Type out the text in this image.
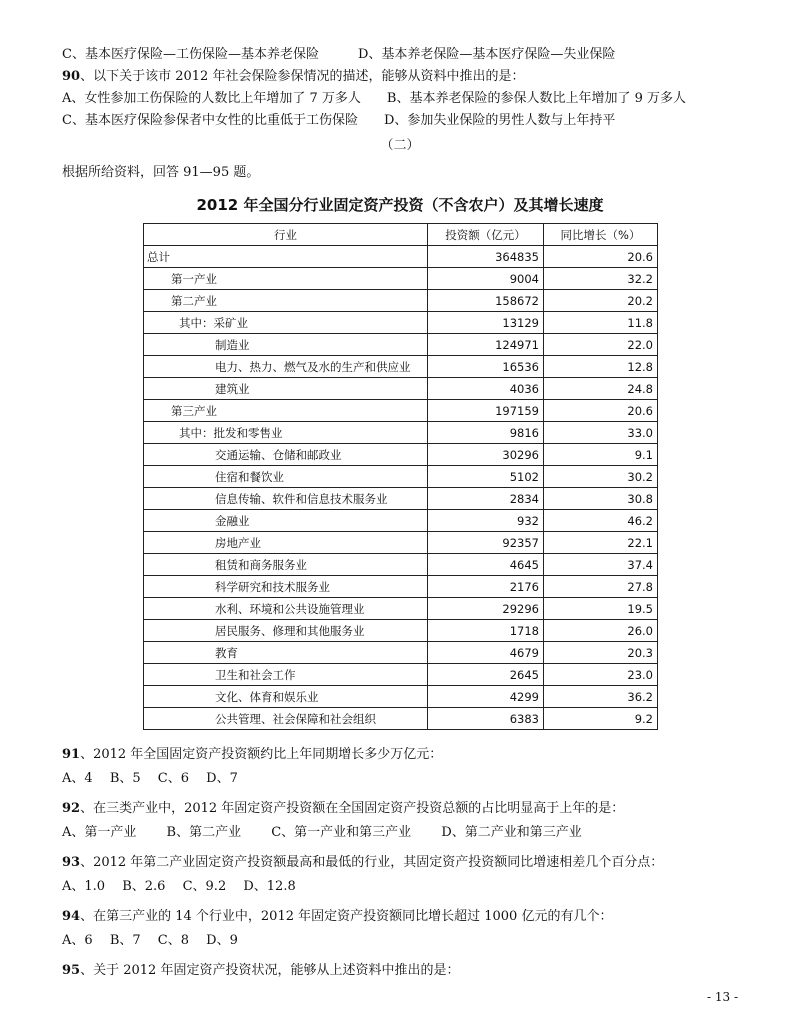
C、基本医疗保险—工伤保险—基本养老保险　　　D、基本养老保险—基本医疗保险—失业保险
90、以下关于该市 2012 年社会保险参保情况的描述，能够从资料中推出的是：
A、女性参加工伤保险的人数比上年增加了 7 万多人　　B、基本养老保险的参保人数比上年增加了 9 万多人
C、基本医疗保险参保者中女性的比重低于工伤保险　　D、参加失业保险的男性人数与上年持平
（二）
根据所给资料，回答 91—95 题。
2012 年全国分行业固定资产投资（不含农户）及其增长速度
行业	投资额（亿元）	同比增长（%）
总计	364835	20.6
第一产业	9004	32.2
第二产业	158672	20.2
其中：采矿业	13129	11.8
制造业	124971	22.0
电力、热力、燃气及水的生产和供应业	16536	12.8
建筑业	4036	24.8
第三产业	197159	20.6
其中：批发和零售业	9816	33.0
交通运输、仓储和邮政业	30296	9.1
住宿和餐饮业	5102	30.2
信息传输、软件和信息技术服务业	2834	30.8
金融业	932	46.2
房地产业	92357	22.1
租赁和商务服务业	4645	37.4
科学研究和技术服务业	2176	27.8
水利、环境和公共设施管理业	29296	19.5
居民服务、修理和其他服务业	1718	26.0
教育	4679	20.3
卫生和社会工作	2645	23.0
文化、体育和娱乐业	4299	36.2
公共管理、社会保障和社会组织	6383	9.2
91、2012 年全国固定资产投资额约比上年同期增长多少万亿元：
A、4　 B、5　 C、6　 D、7
92、在三类产业中，2012 年固定资产投资额在全国固定资产投资总额的占比明显高于上年的是：
A、第一产业　　 B、第二产业　　 C、第一产业和第三产业　　 D、第二产业和第三产业
93、2012 年第二产业固定资产投资额最高和最低的行业，其固定资产投资额同比增速相差几个百分点：
A、1.0　 B、2.6　 C、9.2　 D、12.8
94、在第三产业的 14 个行业中，2012 年固定资产投资额同比增长超过 1000 亿元的有几个：
A、6　 B、7　 C、8　 D、9
95、关于 2012 年固定资产投资状况，能够从上述资料中推出的是：
- 13 -
